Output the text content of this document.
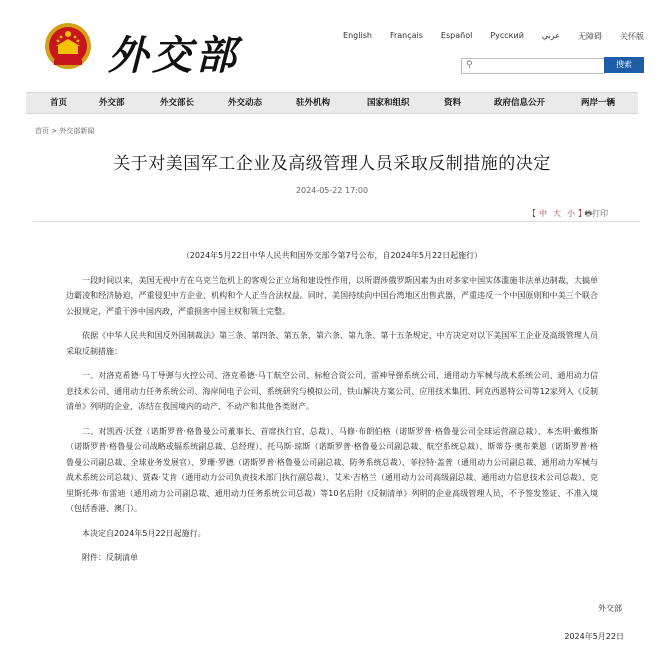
外交部	English Français Español Русский عربي 无障碍 关怀版
⚲	搜索
首页	外交部	外交部长	外交动态	驻外机构	国家和组织	资料	政府信息公开	两岸一辆
首页 > 外交部新闻
关于对美国军工企业及高级管理人员采取反制措施的决定
2024-05-22 17:00
【 中 大 小 】
🖶打印

（2024年5月22日中华人民共和国外交部令第7号公布，自2024年5月22日起施行）

一段时间以来，美国无视中方在乌克兰危机上的客观公正立场和建设性作用，以所谓涉俄罗斯因素为由对多家中国实体滥施非法单边制裁，大搞单边霸凌和经济胁迫，严重侵犯中方企业、机构和个人正当合法权益。同时，美国持续向中国台湾地区出售武器，严重违反一个中国原则和中美三个联合公报规定，严重干涉中国内政，严重损害中国主权和领土完整。

依据《中华人民共和国反外国制裁法》第三条、第四条、第五条、第六条、第九条、第十五条规定，中方决定对以下美国军工企业及高级管理人员采取反制措施：

一、对洛克希德·马丁导弹与火控公司、洛克希德·马丁航空公司、标枪合资公司、雷神导弹系统公司、通用动力军械与战术系统公司、通用动力信息技术公司、通用动力任务系统公司、海岸间电子公司、系统研究与模拟公司、铁山解决方案公司、应用技术集团、阿克西恩特公司等12家列入《反制清单》列明的企业，冻结在我国境内的动产、不动产和其他各类财产。

二、对凯西·沃登（诺斯罗普·格鲁曼公司董事长、首席执行官、总裁）、马修·布朗伯格（诺斯罗普·格鲁曼公司全球运营副总裁）、本杰明·戴维斯（诺斯罗普·格鲁曼公司战略或辐系统副总裁、总经理）、托马斯·琼斯（诺斯罗普·格鲁曼公司副总裁、航空系统总裁）、斯蒂芬·奥布莱恩（诺斯罗普·格鲁曼公司副总裁、全球业务发展官）、罗珊·罗德（诺斯罗普·格鲁曼公司副总裁、防务系统总裁）、菲拉特·盖普（通用动力公司副总裁、通用动力军械与战术系统公司总裁）、贾森·艾肯（通用动力公司负责技术部门执行副总裁）、艾米·吉格兰（通用动力公司高级副总裁、通用动力信息技术公司总裁）、克里斯托弗·布雷迪（通用动力公司副总裁、通用动力任务系统公司总裁）等10名后附《反制清单》列明的企业高级管理人员，不予签发签证、不准入境（包括香港、澳门）。

本决定自2024年5月22日起施行。

附件：反制清单

外交部
2024年5月22日
